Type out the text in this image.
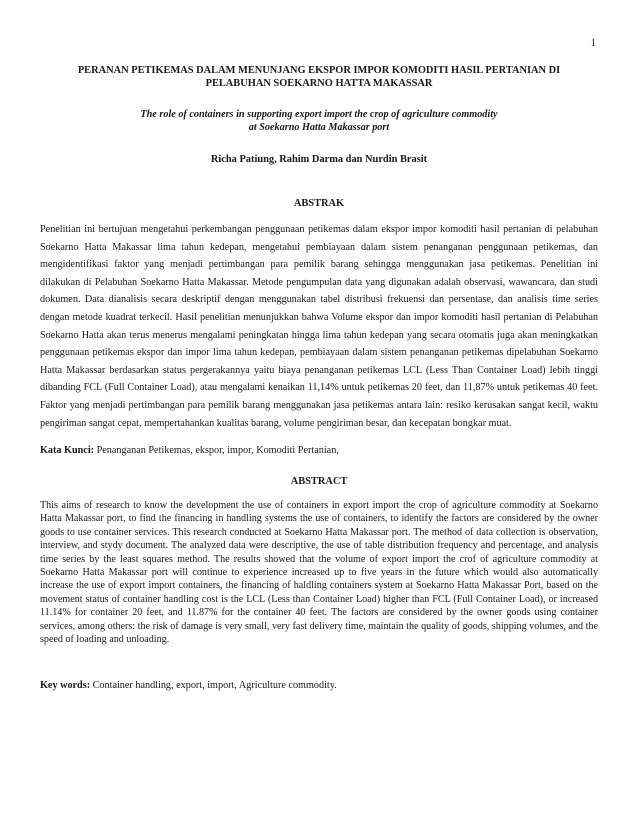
1
PERANAN PETIKEMAS DALAM MENUNJANG EKSPOR IMPOR KOMODITI HASIL PERTANIAN DI
PELABUHAN SOEKARNO HATTA MAKASSAR
The role of containers in supporting export import the crop of agriculture commodity
at Soekarno Hatta Makassar port
Richa Patiung, Rahim Darma dan Nurdin Brasit
ABSTRAK
Penelitian ini bertujuan mengetahui perkembangan penggunaan petikemas dalam ekspor impor komoditi hasil pertanian di pelabuhan Soekarno Hatta Makassar lima tahun kedepan, mengetahui pembiayaan dalam sistem penanganan penggunaan petikemas, dan mengidentifikasi faktor yang menjadi pertimbangan para pemilik barang sehingga menggunakan jasa petikemas. Penelitian ini dilakukan di Pelabuhan Soekarno Hatta Makassar. Metode pengumpulan data yang digunakan adalah observasi, wawancara, dan studi dokumen. Data dianalisis secara deskriptif dengan menggunakan tabel distribusi frekuensi dan persentase, dan analisis time series dengan metode kuadrat terkecil. Hasil penelitian menunjukkan bahwa Volume ekspor dan impor komoditi hasil pertanian di Pelabuhan Soekarno Hatta akan terus menerus mengalami peningkatan hingga lima tahun kedepan yang secara otomatis juga akan meningkatkan penggunaan petikemas ekspor dan impor lima tahun kedepan, pembiayaan dalam sistem penanganan petikemas dipelabuhan Soekarno Hatta Makassar berdasarkan status pergerakannya yaitu biaya penanganan petikemas LCL (Less Than Container Load) lebih tinggi dibanding FCL (Full Container Load), atau mengalami kenaikan 11,14% untuk petikemas 20 feet, dan 11,87% untuk petikemas 40 feet. Faktor yang menjadi pertimbangan para pemilik barang menggunakan jasa petikemas antara lain: resiko kerusakan sangat kecil, waktu pengiriman sangat cepat, mempertahankan kualitas barang, volume pengiriman besar, dan kecepatan bongkar muat.
Kata Kunci: Penanganan Petikemas, ekspor, impor, Komoditi Pertanian,
ABSTRACT
This aims of research to know the development the use of containers in export import the crop of agriculture commodity at Soekarno Hatta Makassar port, to find the financing in handling systems the use of containers, to identify the factors are considered by the owner goods to use container services. This research conducted at Soekarno Hatta Makassar port. The method of data collection is observation, interview, and stydy document. The analyzed data were descriptive, the use of table distribution frequency and percentage, and analysis time series by the least squares method. The results showed that the volume of export import the crof of agriculture commodity at Soekarno Hatta Makassar port will continue to experience increased up to five years in the future which would also automatically increase the use of export import containers, the financing of haldling containers system at Soekarno Hatta Makassar Port, based on the movement status of container handling cost is the LCL (Less than Container Load) higher than FCL (Full Container Load), or increased 11.14% for container 20 feet, and 11.87% for the container 40 feet. The factors are considered by the owner goods using container services, among others: the risk of damage is very small, very fast delivery time, maintain the quality of goods, shipping volumes, and the speed of loading and unloading.
Key words: Container handling, export, import, Agriculture commodity.
